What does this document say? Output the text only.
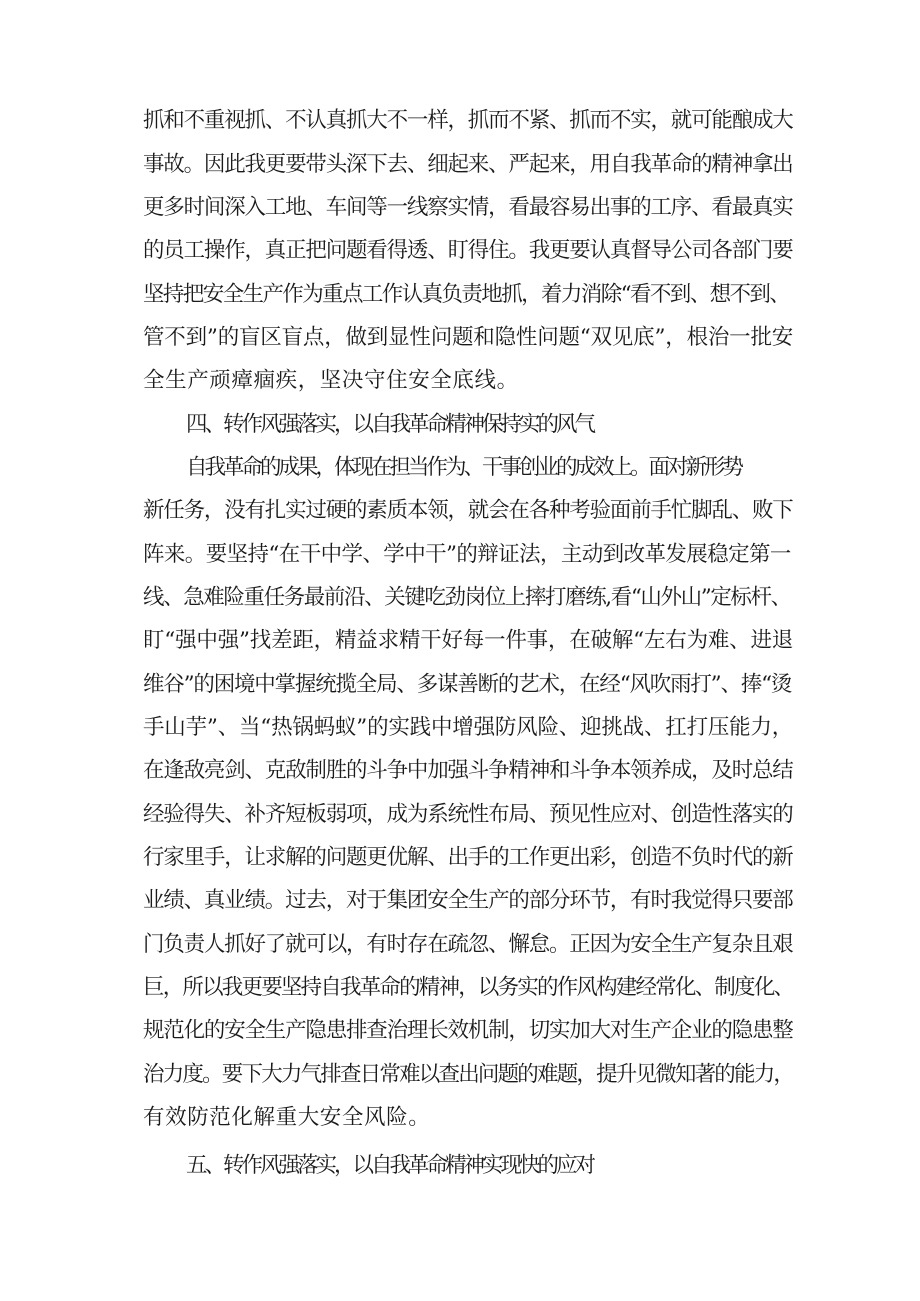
抓和不重视抓、不认真抓大不一样，抓而不紧、抓而不实，就可能酿成大
事故。因此我更要带头深下去、细起来、严起来，用自我革命的精神拿出
更多时间深入工地、车间等一线察实情，看最容易出事的工序、看最真实
的员工操作，真正把问题看得透、盯得住。我更要认真督导公司各部门要
坚持把安全生产作为重点工作认真负责地抓，着力消除“看不到、想不到、
管不到”的盲区盲点，做到显性问题和隐性问题“双见底”，根治一批安
全生产顽瘴痼疾，坚决守住安全底线。
四、转作风强落实，以自我革命精神保持实的风气
自我革命的成果，体现在担当作为、干事创业的成效上。面对新形势
新任务，没有扎实过硬的素质本领，就会在各种考验面前手忙脚乱、败下
阵来。要坚持“在干中学、学中干”的辩证法，主动到改革发展稳定第一
线、急难险重任务最前沿、关键吃劲岗位上摔打磨练,看“山外山”定标杆、
盯“强中强”找差距，精益求精干好每一件事，在破解“左右为难、进退
维谷”的困境中掌握统揽全局、多谋善断的艺术，在经“风吹雨打”、捧“烫
手山芋”、当“热锅蚂蚁”的实践中增强防风险、迎挑战、扛打压能力，
在逢敌亮剑、克敌制胜的斗争中加强斗争精神和斗争本领养成，及时总结
经验得失、补齐短板弱项，成为系统性布局、预见性应对、创造性落实的
行家里手，让求解的问题更优解、出手的工作更出彩，创造不负时代的新
业绩、真业绩。过去，对于集团安全生产的部分环节，有时我觉得只要部
门负责人抓好了就可以，有时存在疏忽、懈怠。正因为安全生产复杂且艰
巨，所以我更要坚持自我革命的精神，以务实的作风构建经常化、制度化、
规范化的安全生产隐患排查治理长效机制，切实加大对生产企业的隐患整
治力度。要下大力气排查日常难以查出问题的难题，提升见微知著的能力，
有效防范化解重大安全风险。
五、转作风强落实，以自我革命精神实现快的应对
